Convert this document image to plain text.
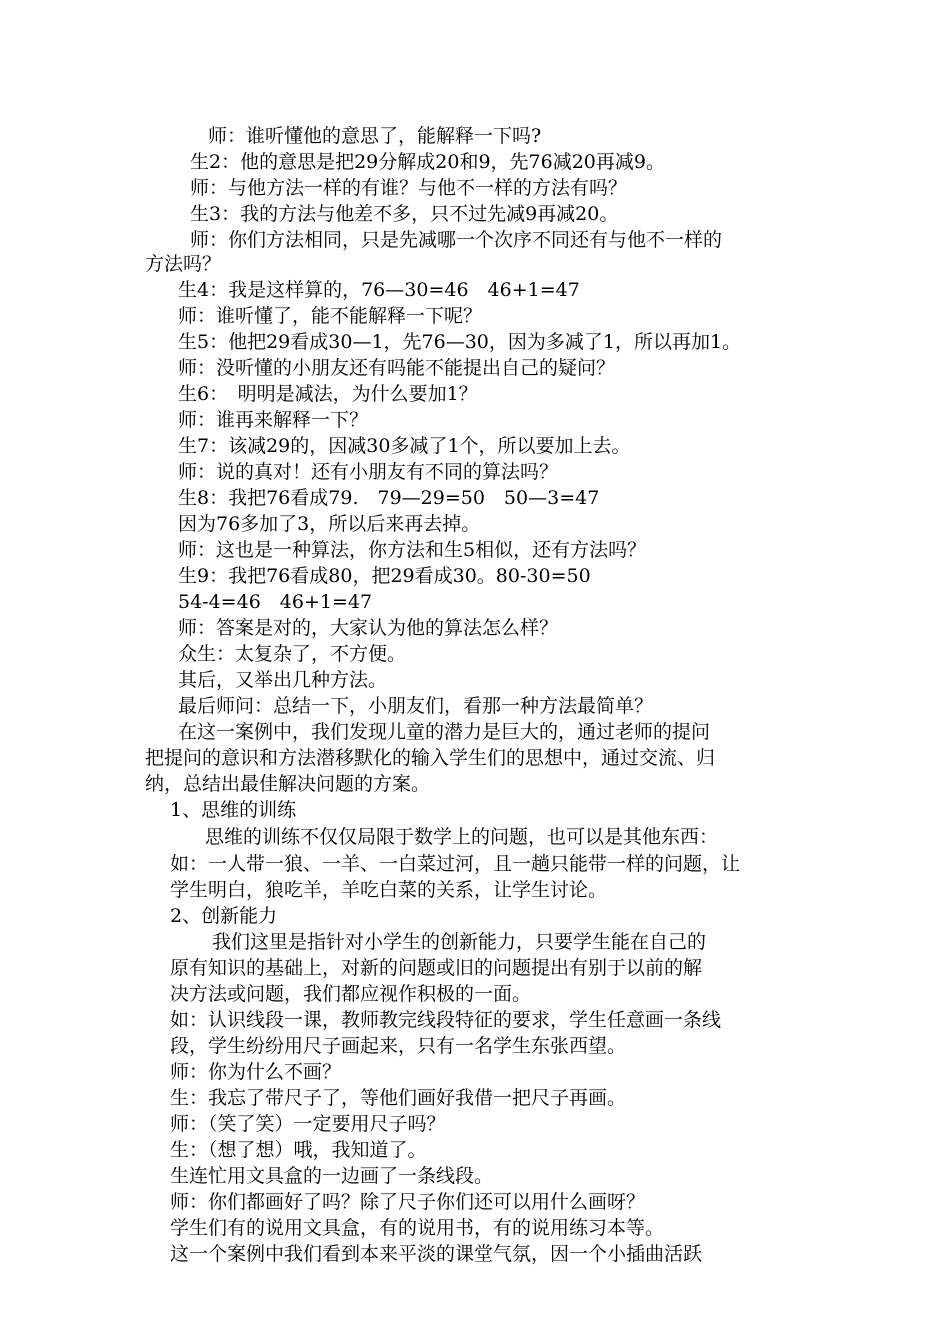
师：谁听懂他的意思了，能解释一下吗?
生2：他的意思是把29分解成20和9，先76减20再减9。
师：与他方法一样的有谁？与他不一样的方法有吗？
生3：我的方法与他差不多，只不过先减9再减20。
师：你们方法相同，只是先减哪一个次序不同还有与他不一样的
方法吗？
生4：我是这样算的，76—30=46　46+1=47
师：谁听懂了，能不能解释一下呢？
生5：他把29看成30—1，先76—30，因为多减了1，所以再加1。
师：没听懂的小朋友还有吗能不能提出自己的疑问？
生6：　明明是减法，为什么要加1？
师：谁再来解释一下？
生7：该减29的，因减30多减了1个，所以要加上去。
师：说的真对！还有小朋友有不同的算法吗？
生8：我把76看成79.　79—29=50　50—3=47
因为76多加了3，所以后来再去掉。
师：这也是一种算法，你方法和生5相似，还有方法吗？
生9：我把76看成80，把29看成30。80-30=50
54-4=46　46+1=47
师：答案是对的，大家认为他的算法怎么样？
众生：太复杂了，不方便。
其后，又举出几种方法。
最后师问：总结一下，小朋友们，看那一种方法最简单？
在这一案例中，我们发现儿童的潜力是巨大的，通过老师的提问
把提问的意识和方法潜移默化的输入学生们的思想中，通过交流、归
纳，总结出最佳解决问题的方案。
1、思维的训练
思维的训练不仅仅局限于数学上的问题，也可以是其他东西：
如：一人带一狼、一羊、一白菜过河，且一趟只能带一样的问题，让
学生明白，狼吃羊，羊吃白菜的关系，让学生讨论。
2、创新能力
我们这里是指针对小学生的创新能力，只要学生能在自己的
原有知识的基础上，对新的问题或旧的问题提出有别于以前的解
决方法或问题，我们都应视作积极的一面。
如：认识线段一课，教师教完线段特征的要求，学生任意画一条线
段，学生纷纷用尺子画起来，只有一名学生东张西望。
师：你为什么不画？
生：我忘了带尺子了，等他们画好我借一把尺子再画。
师：（笑了笑）一定要用尺子吗？
生：（想了想）哦，我知道了。
生连忙用文具盒的一边画了一条线段。
师：你们都画好了吗？除了尺子你们还可以用什么画呀？
学生们有的说用文具盒，有的说用书，有的说用练习本等。
这一个案例中我们看到本来平淡的课堂气氛，因一个小插曲活跃
